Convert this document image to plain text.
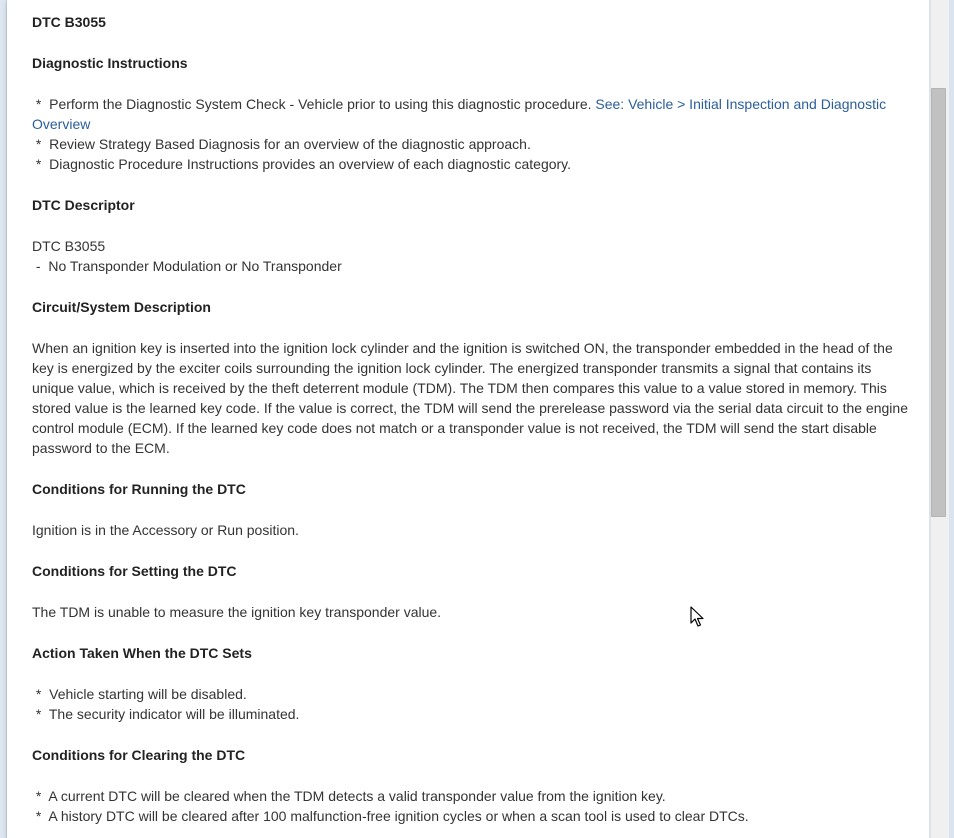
DTC B3055
Diagnostic Instructions
* Perform the Diagnostic System Check - Vehicle prior to using this diagnostic procedure. See: Vehicle > Initial Inspection and Diagnostic Overview
* Review Strategy Based Diagnosis for an overview of the diagnostic approach.
* Diagnostic Procedure Instructions provides an overview of each diagnostic category.
DTC Descriptor
DTC B3055
- No Transponder Modulation or No Transponder
Circuit/System Description
When an ignition key is inserted into the ignition lock cylinder and the ignition is switched ON, the transponder embedded in the head of the key is energized by the exciter coils surrounding the ignition lock cylinder. The energized transponder transmits a signal that contains its unique value, which is received by the theft deterrent module (TDM). The TDM then compares this value to a value stored in memory. This stored value is the learned key code. If the value is correct, the TDM will send the prerelease password via the serial data circuit to the engine control module (ECM). If the learned key code does not match or a transponder value is not received, the TDM will send the start disable password to the ECM.
Conditions for Running the DTC
Ignition is in the Accessory or Run position.
Conditions for Setting the DTC
The TDM is unable to measure the ignition key transponder value.
Action Taken When the DTC Sets
* Vehicle starting will be disabled.
* The security indicator will be illuminated.
Conditions for Clearing the DTC
* A current DTC will be cleared when the TDM detects a valid transponder value from the ignition key.
* A history DTC will be cleared after 100 malfunction-free ignition cycles or when a scan tool is used to clear DTCs.
